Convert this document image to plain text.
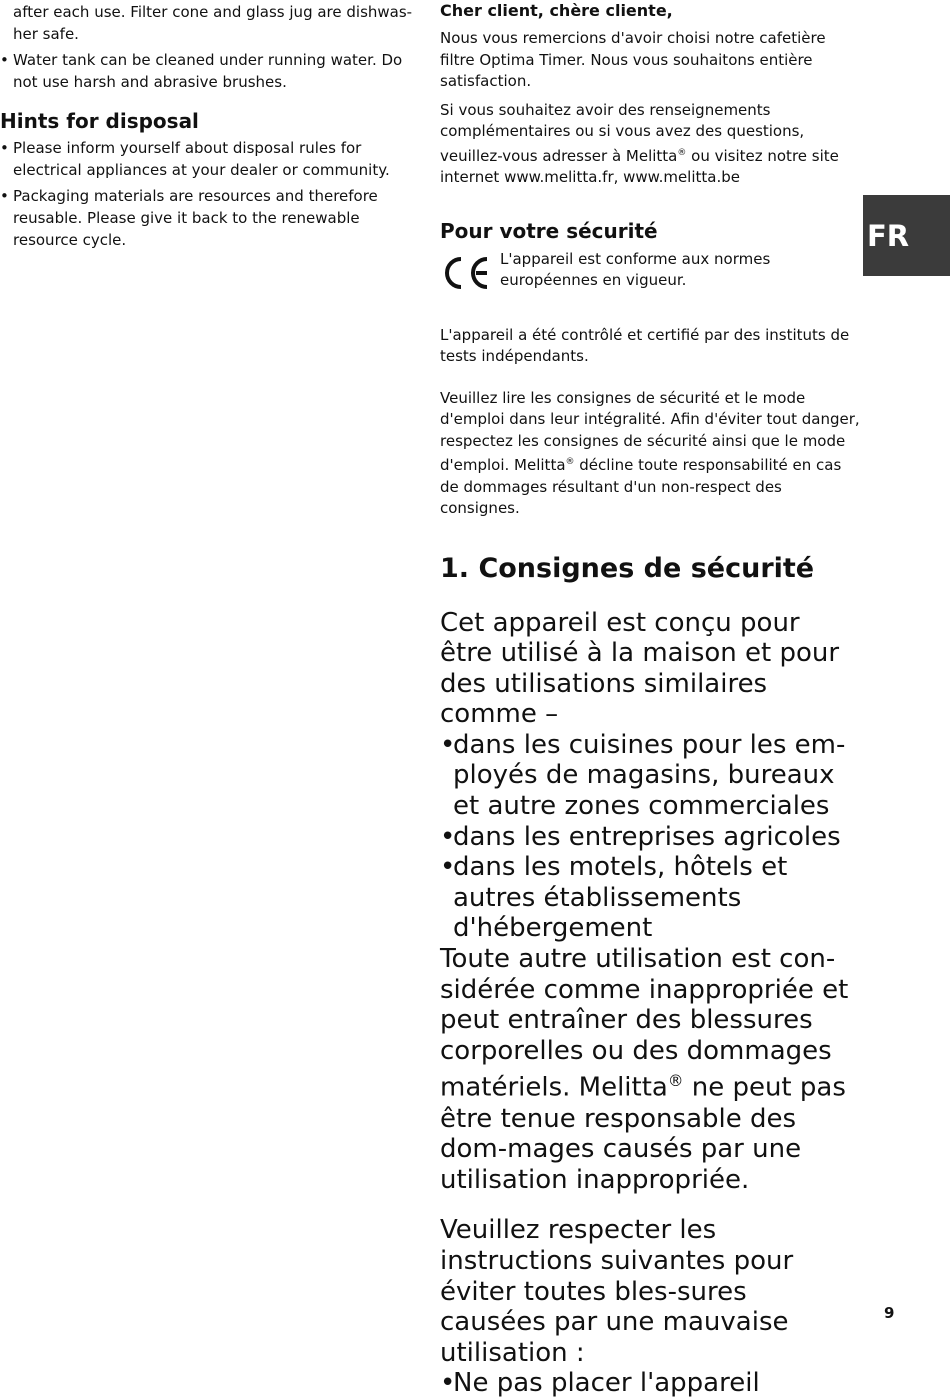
after each use. Filter cone and glass jug are dishwas-

her safe.

• Water tank can be cleaned under running water. Do not use harsh and abrasive brushes.
Hints for disposal
• Please inform yourself about disposal rules for electrical appliances at your dealer or community.
• Packaging materials are resources and therefore reusable. Please give it back to the renewable resource cycle.

Cher client, chère cliente,

Nous vous remercions d'avoir choisi notre cafetière filtre Optima Timer. Nous vous souhaitons entière satisfaction.

Si vous souhaitez avoir des renseignements complémentaires ou si vous avez des questions, veuillez-vous adresser à Melitta® ou visitez notre site internet www.melitta.fr, www.melitta.be

Pour votre sécurité
L'appareil est conforme aux normes européennes en vigueur.

L'appareil a été contrôlé et certifié par des instituts de tests indépendants.

Veuillez lire les consignes de sécurité et le mode d'emploi dans leur intégralité. Afin d'éviter tout danger, respectez les consignes de sécurité ainsi que le mode d'emploi. Melitta® décline toute responsabilité en cas de dommages résultant d'un non-respect des consignes.

1. Consignes de sécurité

Cet appareil est conçu pour être utilisé à la maison et pour des utilisations similaires comme –

• dans les cuisines pour les em-ployés de magasins, bureaux et autre zones commerciales
• dans les entreprises agricoles
• dans les motels, hôtels et autres établissements d'hébergement

Toute autre utilisation est con-sidérée comme inappropriée et peut entraîner des blessures corporelles ou des dommages matériels. Melitta® ne peut pas être tenue responsable des dom-mages causés par une utilisation inappropriée.

Veuillez respecter les instructions suivantes pour éviter toutes bles-sures causées par une mauvaise utilisation :

• Ne pas placer l'appareil
FR
9
